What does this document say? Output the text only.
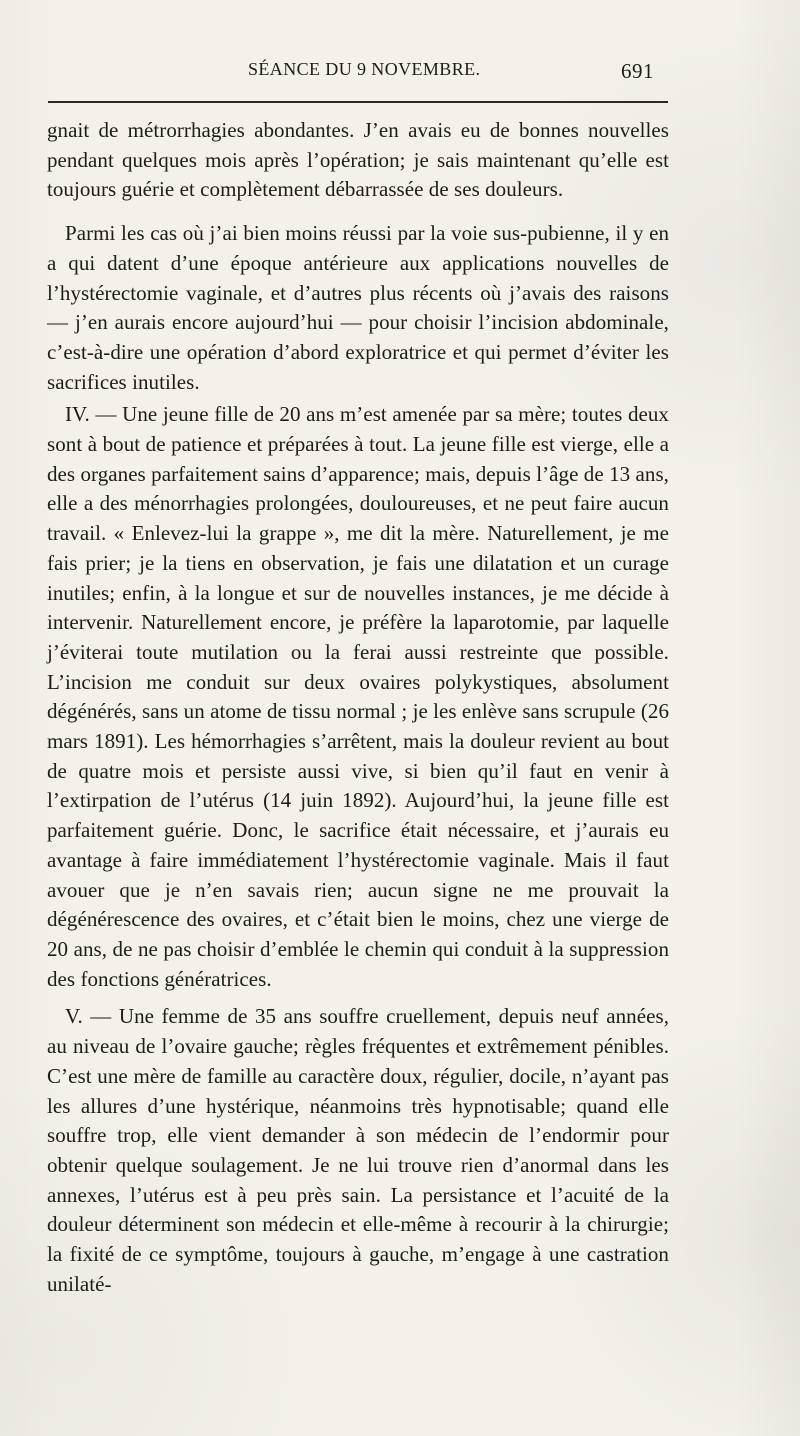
SÉANCE DU 9 NOVEMBRE.	691

gnait de métrorrhagies abondantes. J’en avais eu de bonnes nouvelles pendant quelques mois après l’opération; je sais maintenant qu’elle est toujours guérie et complètement débarrassée de ses douleurs.

Parmi les cas où j’ai bien moins réussi par la voie sus-pubienne, il y en a qui datent d’une époque antérieure aux applications nouvelles de l’hystérectomie vaginale, et d’autres plus récents où j’avais des raisons — j’en aurais encore aujourd’hui — pour choisir l’incision abdominale, c’est-à-dire une opération d’abord exploratrice et qui permet d’éviter les sacrifices inutiles.

IV. — Une jeune fille de 20 ans m’est amenée par sa mère; toutes deux sont à bout de patience et préparées à tout. La jeune fille est vierge, elle a des organes parfaitement sains d’apparence; mais, depuis l’âge de 13 ans, elle a des ménorrhagies prolongées, douloureuses, et ne peut faire aucun travail. « Enlevez-lui la grappe », me dit la mère. Naturellement, je me fais prier; je la tiens en observation, je fais une dilatation et un curage inutiles; enfin, à la longue et sur de nouvelles instances, je me décide à intervenir. Naturellement encore, je préfère la laparotomie, par laquelle j’éviterai toute mutilation ou la ferai aussi restreinte que possible. L’incision me conduit sur deux ovaires polykystiques, absolument dégénérés, sans un atome de tissu normal ; je les enlève sans scrupule (26 mars 1891). Les hémorrhagies s’arrêtent, mais la douleur revient au bout de quatre mois et persiste aussi vive, si bien qu’il faut en venir à l’extirpation de l’utérus (14 juin 1892). Aujourd’hui, la jeune fille est parfaitement guérie. Donc, le sacrifice était nécessaire, et j’aurais eu avantage à faire immédiatement l’hystérectomie vaginale. Mais il faut avouer que je n’en savais rien; aucun signe ne me prouvait la dégénérescence des ovaires, et c’était bien le moins, chez une vierge de 20 ans, de ne pas choisir d’emblée le chemin qui conduit à la suppression des fonctions génératrices.

V. — Une femme de 35 ans souffre cruellement, depuis neuf années, au niveau de l’ovaire gauche; règles fréquentes et extrêmement pénibles. C’est une mère de famille au caractère doux, régulier, docile, n’ayant pas les allures d’une hystérique, néanmoins très hypnotisable; quand elle souffre trop, elle vient demander à son médecin de l’endormir pour obtenir quelque soulagement. Je ne lui trouve rien d’anormal dans les annexes, l’utérus est à peu près sain. La persistance et l’acuité de la douleur déterminent son médecin et elle-même à recourir à la chirurgie; la fixité de ce symptôme, toujours à gauche, m’engage à une castration unilaté-
